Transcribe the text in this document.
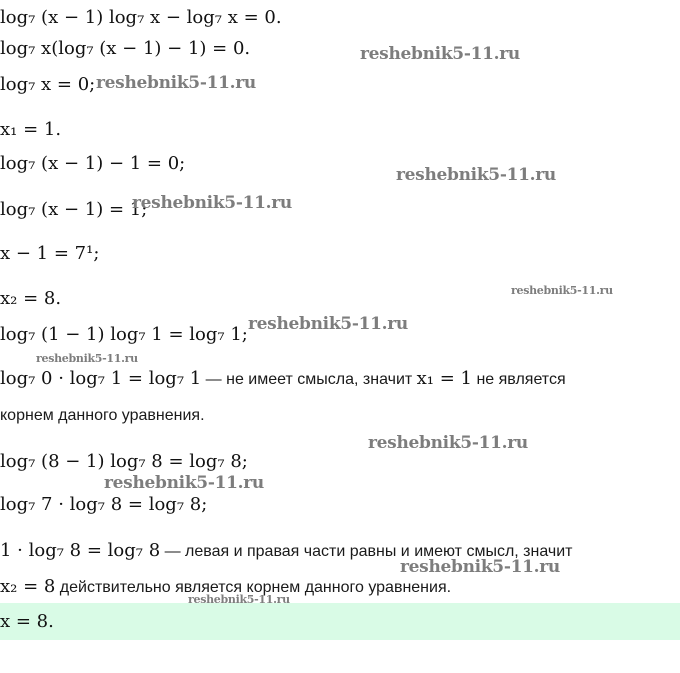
log₇ (x − 1) log₇ x − log₇ x = 0.
log₇ x(log₇ (x − 1) − 1) = 0.
log₇ x = 0;
x₁ = 1.
log₇ (x − 1) − 1 = 0;
log₇ (x − 1) = 1;
x − 1 = 7¹;
x₂ = 8.
log₇ (1 − 1) log₇ 1 = log₇ 1;
log₇ 0 · log₇ 1 = log₇ 1 — не имеет смысла, значит x₁ = 1 не является
корнем данного уравнения.
log₇ (8 − 1) log₇ 8 = log₇ 8;
log₇ 7 · log₇ 8 = log₇ 8;
1 · log₇ 8 = log₇ 8 — левая и правая части равны и имеют смысл, значит
x₂ = 8 действительно является корнем данного уравнения.
x = 8.
reshebnik5-11.ru
reshebnik5-11.ru
reshebnik5-11.ru
reshebnik5-11.ru
reshebnik5-11.ru
reshebnik5-11.ru
reshebnik5-11.ru
reshebnik5-11.ru
reshebnik5-11.ru
reshebnik5-11.ru
reshebnik5-11.ru
